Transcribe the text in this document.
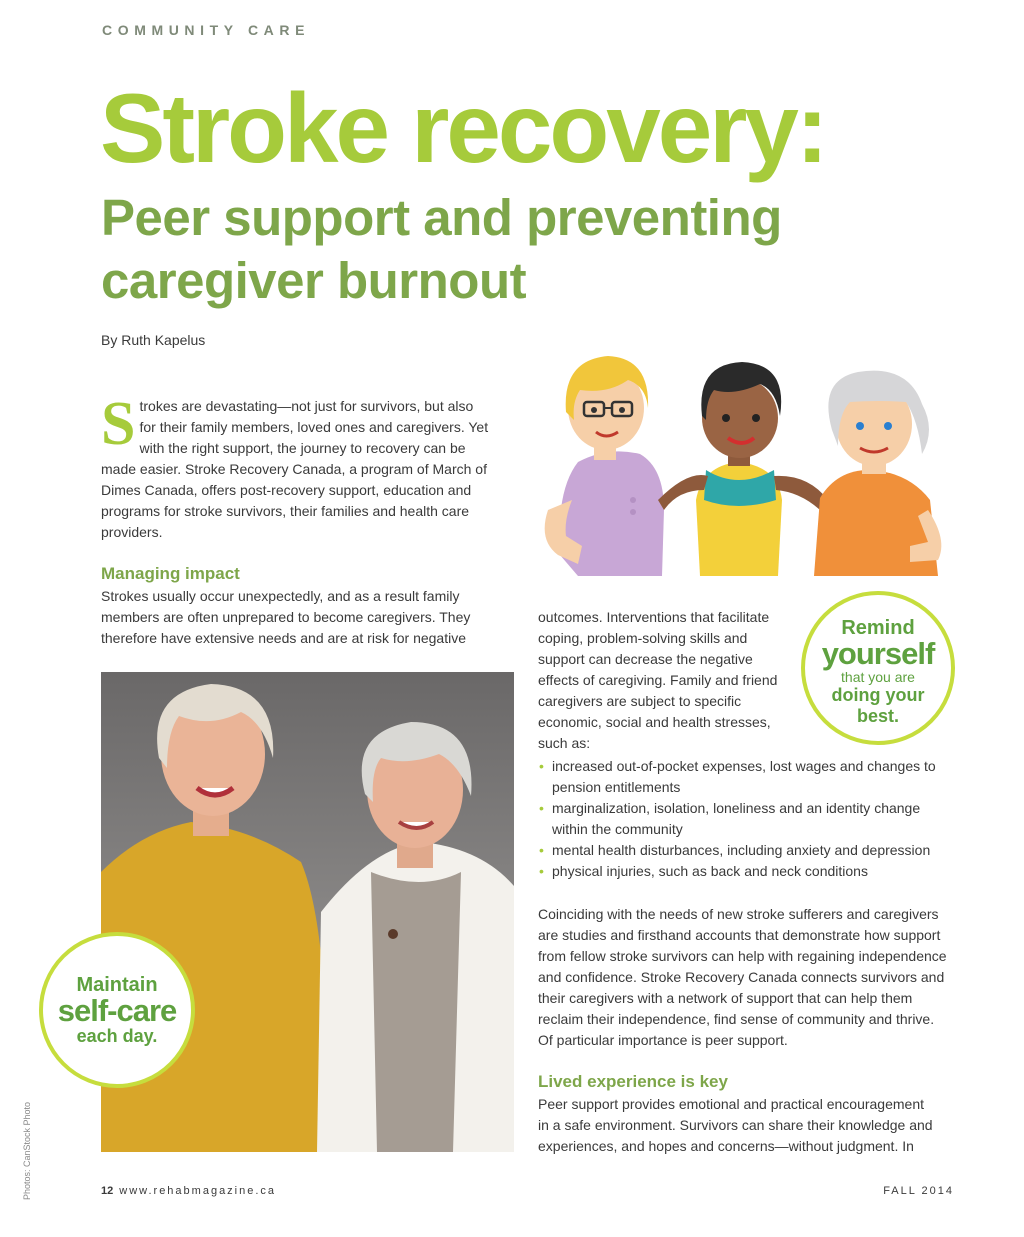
COMMUNITY CARE
Stroke recovery:
Peer support and preventing
caregiver burnout
By Ruth Kapelus
Strokes are devastating—not just for survivors, but also for their family members, loved ones and caregivers. Yet with the right support, the journey to recovery can be made easier. Stroke Recovery Canada, a program of March of Dimes Canada, offers post-recovery support, education and programs for stroke survivors, their families and health care providers.
Managing impact
Strokes usually occur unexpectedly, and as a result family members are often unprepared to become caregivers. They therefore have extensive needs and are at risk for negative
Maintain
self-care
each day.
outcomes. Interventions that facilitate coping, problem-solving skills and support can decrease the negative effects of caregiving. Family and friend caregivers are subject to specific economic, social and health stresses, such as:
Remind
yourself
that you are
doing your
best.
• increased out-of-pocket expenses, lost wages and changes to pension entitlements
• marginalization, isolation, loneliness and an identity change within the community
• mental health disturbances, including anxiety and depression
• physical injuries, such as back and neck conditions
Coinciding with the needs of new stroke sufferers and caregivers are studies and firsthand accounts that demonstrate how support from fellow stroke survivors can help with regaining independence and confidence. Stroke Recovery Canada connects survivors and their caregivers with a network of support that can help them reclaim their independence, find sense of community and thrive. Of particular importance is peer support.
Lived experience is key
Peer support provides emotional and practical encouragement in a safe environment. Survivors can share their knowledge and experiences, and hopes and concerns—without judgment. In
Photos: CanStock Photo	12 www.rehabmagazine.ca	FALL 2014
